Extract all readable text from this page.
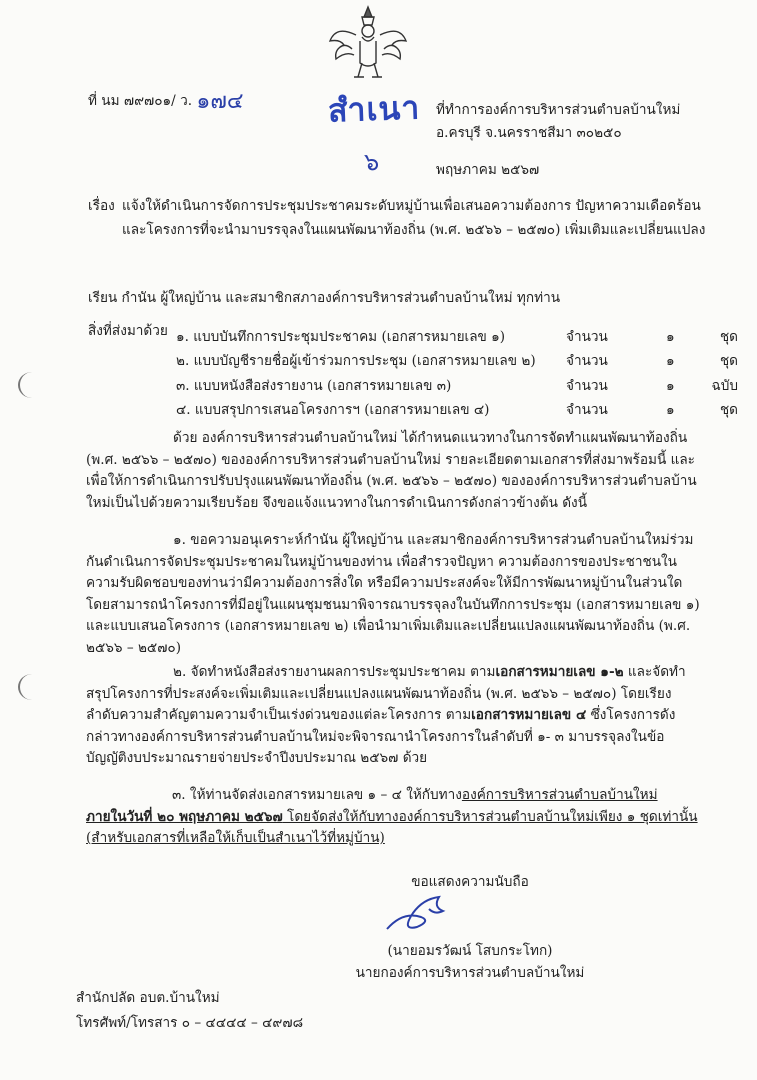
สำเนา
ที่ นม ๗๙๗๐๑/ ว. ๑๗๔	ที่ทำการองค์การบริหารส่วนตำบลบ้านใหม่
อ.ครบุรี จ.นครราชสีมา ๓๐๒๕๐
๖	พฤษภาคม ๒๕๖๗
เรื่อง แจ้งให้ดำเนินการจัดการประชุมประชาคมระดับหมู่บ้านเพื่อเสนอความต้องการ ปัญหาความเดือดร้อนและโครงการที่จะนำมาบรรจุลงในแผนพัฒนาท้องถิ่น (พ.ศ. ๒๕๖๖ – ๒๕๗๐) เพิ่มเติมและเปลี่ยนแปลง
เรียน กำนัน ผู้ใหญ่บ้าน และสมาชิกสภาองค์การบริหารส่วนตำบลบ้านใหม่ ทุกท่าน
สิ่งที่ส่งมาด้วย ๑. แบบบันทึกการประชุมประชาคม (เอกสารหมายเลข ๑)	จำนวน	๑	ชุด
๒. แบบบัญชีรายชื่อผู้เข้าร่วมการประชุม (เอกสารหมายเลข ๒) จำนวน	๑	ชุด
๓. แบบหนังสือส่งรายงาน (เอกสารหมายเลข ๓)	จำนวน	๑	ฉบับ
๔. แบบสรุปการเสนอโครงการฯ (เอกสารหมายเลข ๔)	จำนวน	๑	ชุด
ด้วย องค์การบริหารส่วนตำบลบ้านใหม่ ได้กำหนดแนวทางในการจัดทำแผนพัฒนาท้องถิ่น (พ.ศ. ๒๕๖๖ – ๒๕๗๐) ขององค์การบริหารส่วนตำบลบ้านใหม่ รายละเอียดตามเอกสารที่ส่งมาพร้อมนี้ และเพื่อให้การดำเนินการปรับปรุงแผนพัฒนาท้องถิ่น (พ.ศ. ๒๕๖๖ – ๒๕๗๐) ขององค์การบริหารส่วนตำบลบ้านใหม่เป็นไปด้วยความเรียบร้อย จึงขอแจ้งแนวทางในการดำเนินการดังกล่าวข้างต้น ดังนี้
๑. ขอความอนุเคราะห์กำนัน ผู้ใหญ่บ้าน และสมาชิกองค์การบริหารส่วนตำบลบ้านใหม่ร่วมกันดำเนินการจัดประชุมประชาคมในหมู่บ้านของท่าน เพื่อสำรวจปัญหา ความต้องการของประชาชนในความรับผิดชอบของท่านว่ามีความต้องการสิ่งใด หรือมีความประสงค์จะให้มีการพัฒนาหมู่บ้านในส่วนใด โดยสามารถนำโครงการที่มีอยู่ในแผนชุมชนมาพิจารณาบรรจุลงในบันทึกการประชุม (เอกสารหมายเลข ๑) และแบบเสนอโครงการ (เอกสารหมายเลข ๒) เพื่อนำมาเพิ่มเติมและเปลี่ยนแปลงแผนพัฒนาท้องถิ่น (พ.ศ. ๒๕๖๖ – ๒๕๗๐)
๒. จัดทำหนังสือส่งรายงานผลการประชุมประชาคม ตามเอกสารหมายเลข ๑-๒ และจัดทำสรุปโครงการที่ประสงค์จะเพิ่มเติมและเปลี่ยนแปลงแผนพัฒนาท้องถิ่น (พ.ศ. ๒๕๖๖ – ๒๕๗๐) โดยเรียงลำดับความสำคัญตามความจำเป็นเร่งด่วนของแต่ละโครงการ ตามเอกสารหมายเลข ๔ ซึ่งโครงการดังกล่าวทางองค์การบริหารส่วนตำบลบ้านใหม่จะพิจารณานำโครงการในลำดับที่ ๑- ๓ มาบรรจุลงในข้อบัญญัติงบประมาณรายจ่ายประจำปีงบประมาณ ๒๕๖๗ ด้วย
๓. ให้ท่านจัดส่งเอกสารหมายเลข ๑ – ๔ ให้กับทางองค์การบริหารส่วนตำบลบ้านใหม่ ภายในวันที่ ๒๐ พฤษภาคม ๒๕๖๗ โดยจัดส่งให้กับทางองค์การบริหารส่วนตำบลบ้านใหม่เพียง ๑ ชุดเท่านั้น
(สำหรับเอกสารที่เหลือให้เก็บเป็นสำเนาไว้ที่หมู่บ้าน)
ขอแสดงความนับถือ
(นายอมรวัฒน์ โสบกระโทก)
นายกองค์การบริหารส่วนตำบลบ้านใหม่
สำนักปลัด อบต.บ้านใหม่
โทรศัพท์/โทรสาร ๐ – ๔๔๔๔ – ๔๙๗๘
